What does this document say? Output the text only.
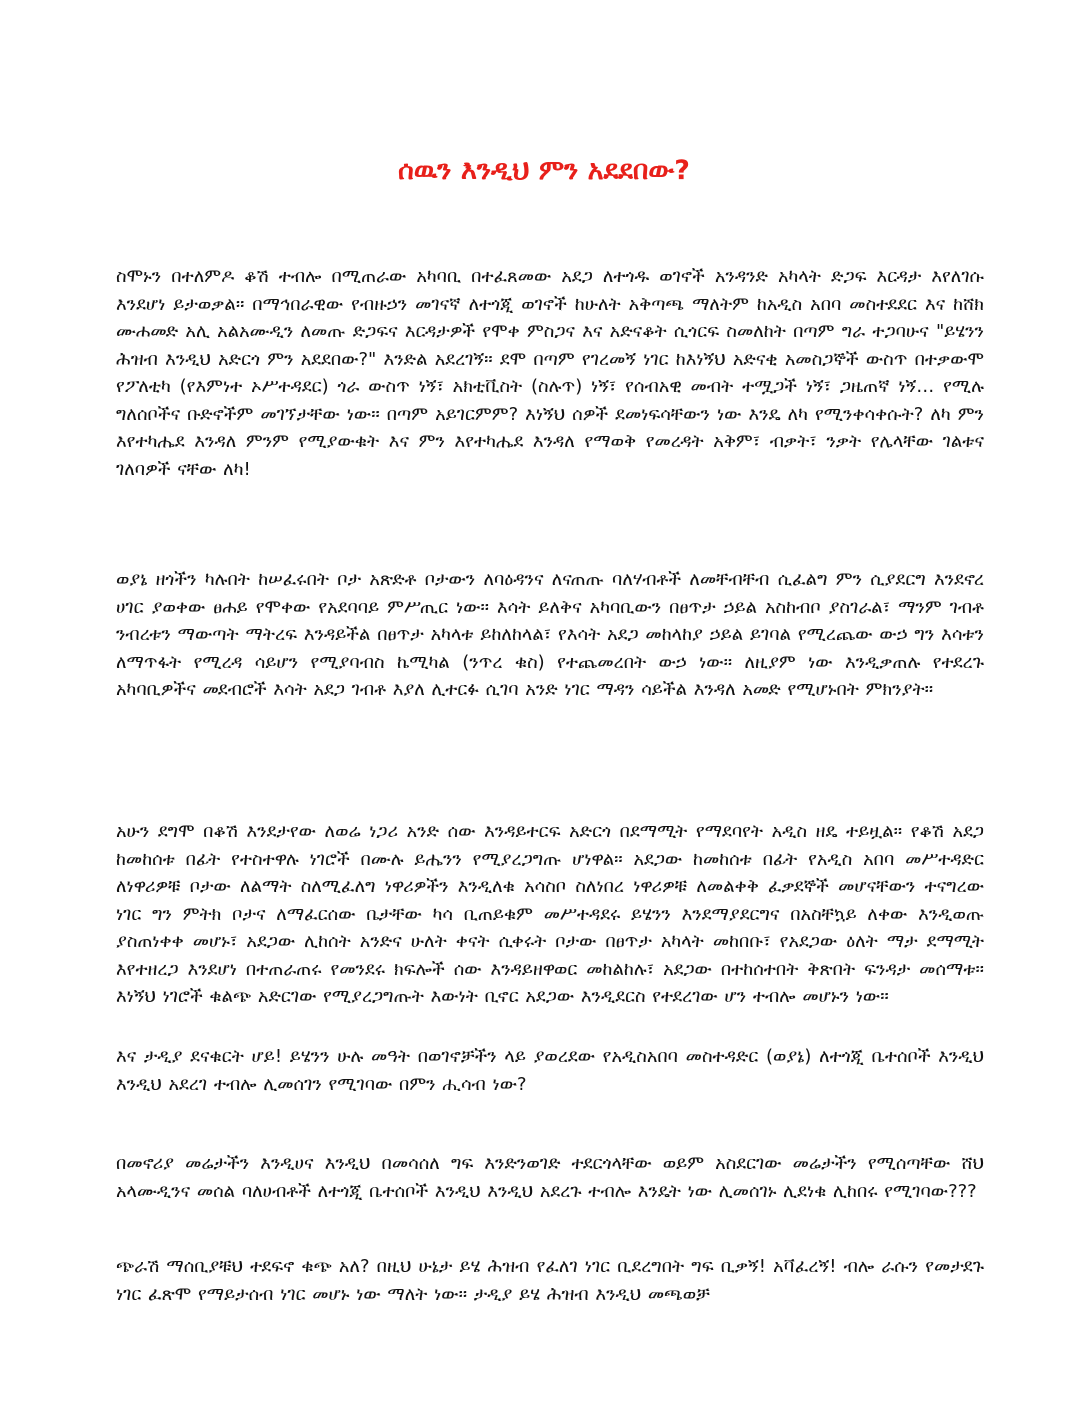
ሰዉን እንዲህ ምን አደደበው?

ስሞኑን በተለምዶ ቆሽ ተብሎ በሚጠራው አካባቢ በተፈጸመው አደጋ ለተጎዱ ወገኖች አንዳንድ አካላት ድጋፍ እርዳታ እየለገሱ እንደሆነ ይታወቃል፡፡ በማኅበራዊው የብዙኃን መገናኛ ለተጎጂ ወገኖች ከሁለት አቅጣጫ ማለትም ከአዲስ አበባ መስተደደር እና ከሸክ ሙሐመድ አሊ አልአሙዲን ለመጡ ድጋፍና እርዳታዎች የሞቀ ምስጋና እና አድናቆት ሲጎርፍ ስመለከት በጣም ግራ ተጋባሁና "ይሄንን ሕዝብ እንዲህ አድርጎ ምን አደደበው?" እንድል አደረገኝ፡፡ ደሞ በጣም የገረመኝ ነገር ከእነኝህ አድናቂ አመስጋኞች ውስጥ በተቃውሞ የፖለቲካ (የእምነተ ኦሥተዳደር) ጎራ ውስጥ ነኝ፣ አክቲቪስት (ስሉጥ) ነኝ፣ የሰብአዊ መብት ተሟጋች ነኝ፣ ጋዜጠኛ ነኝ… የሚሉ ግለሰቦችና ቡድኖችም መገኘታቸው ነው፡፡ በጣም አይገርምም? እነኝህ ሰዎች ደመነፍሳቸውን ነው እንዴ ለካ የሚንቀሳቀሱት? ለካ ምን እየተካሔደ እንዳለ ምንም የሚያውቁት እና ምን እየተካሔደ እንዳለ የማወቅ የመረዳት አቅም፣ ብቃት፣ ንቃት የሌላቸው ገልቱና ገለባዎች ናቸው ለካ!

ወያኔ ዘጎችን ካሉበት ከሠፈሩበት ቦታ አጽድቶ ቦታውን ለባዕዳንና ለናጠጡ ባለሃብቶች ለመቸብቸብ ሲፈልግ ምን ሲያደርግ እንደኖረ ሀገር ያወቀው ፀሐይ የሞቀው የአደባባይ ምሥጢር ነው፡፡ እሳት ይለቅና አካባቢውን በፀጥታ ኃይል አስከብቦ ያስገራል፣ ማንም ገብቶ ንብረቱን ማውጣት ማትረፍ እንዳይችል በፀጥታ አካላቱ ይከለከላል፣ የእሳት አደጋ መከላከያ ኃይል ይገባል የሚረጨው ውኃ ግን እሳቱን ለማጥፋት የሚረዳ ሳይሆን የሚያባብስ ኬሚካል (ንጥረ ቁስ) የተጨመረበት ውኃ ነው፡፡ ለዚያም ነው እንዲቃጠሉ የተደረጉ አካባቢዎችና መደብሮች እሳት አደጋ ገብቶ እያለ ሊተርፉ ሲገባ አንድ ነገር ማዳን ሳይችል እንዳለ አመድ የሚሆኑበት ምክንያት፡፡

አሁን ደግሞ በቆሽ እንደታየው ለወሬ ነጋሪ አንድ ሰው እንዳይተርፍ አድርጎ በደማሚት የማደባየት አዲስ ዘዴ ተይዟል፡፡ የቆሽ አደጋ ከመከሰቱ በፊት የተስተዋሉ ነገሮች በሙሉ ይሔንን የሚያረጋግጡ ሆነዋል፡፡ አደጋው ከመከሰቱ በፊት የአዲስ አበባ መሥተዳድር ለነዋሪዎቹ ቦታው ለልማት ስለሚፈለግ ነዋሪዎችን እንዲለቁ አሳስቦ ስለነበረ ነዋሪዎቹ ለመልቀቅ ፈቃደኞች መሆናቸውን ተናግረው ነገር ግን ምትክ ቦታና ለማፈርሰው ቤታቸው ካሳ ቢጠይቁም መሥተዳደሩ ይሄንን እንደማያደርግና በአስቸኳይ ለቀው እንዲወጡ ያስጠነቀቀ መሆኑ፣ አደጋው ሊከሰት አንድና ሁለት ቀናት ሲቀሩት ቦታው በፀጥታ አካላት መከበቡ፣ የአደጋው ዕለት ማታ ደማሚት እየተዘረጋ እንደሆነ በተጠራጠሩ የመንደሩ ክፍሎች ሰው እንዳይዘዋወር መከልከሉ፣ አደጋው በተከሰተበት ቅጽበት ፍንዳታ መሰማቱ፡፡ እነኝህ ነገሮች ቁልጭ አድርገው የሚያረጋግጡት እውነት ቢኖር አደጋው እንዲደርስ የተደረገው ሆን ተብሎ መሆኑን ነው፡፡

እና ታዲያ ደናቁርት ሆይ! ይሄንን ሁሉ መዓት በወገኖቻችን ላይ ያወረደው የአዲስአበባ መስተዳድር (ወያኔ) ለተጎጂ ቤተሰቦች እንዲህ እንዲህ አደረገ ተብሎ ሊመሰገን የሚገባው በምን ሒሳብ ነው?

በመኖሪያ መሬታችን እንዲሀና እንዲህ በመሳሰለ ግፍ እንድንወገድ ተደርጎላቸው ወይም አስደርገው መሬታችን የሚሰጣቸው ሸህ አላሙዲንና መሰል ባለሀብቶች ለተጎጂ ቤተሰቦች እንዲህ እንዲህ አደረጉ ተብሎ እንዴት ነው ሊመሰገኑ ሊደነቁ ሊከበሩ የሚገባው???

ጭራሽ ማሰቢያቹህ ተደፍኖ ቁጭ አለ? በዚህ ሁኔታ ይሄ ሕዝብ የፈለገ ነገር ቢደረግበት ግፍ ቢቃኝ! አቫፈረኝ! ብሎ ራሱን የመታደጉ ነገር ፈጽሞ የማይታሰብ ነገር መሆኑ ነው ማለት ነው፡፡ ታዲያ ይሄ ሕዝብ እንዲህ መጫወቻ
